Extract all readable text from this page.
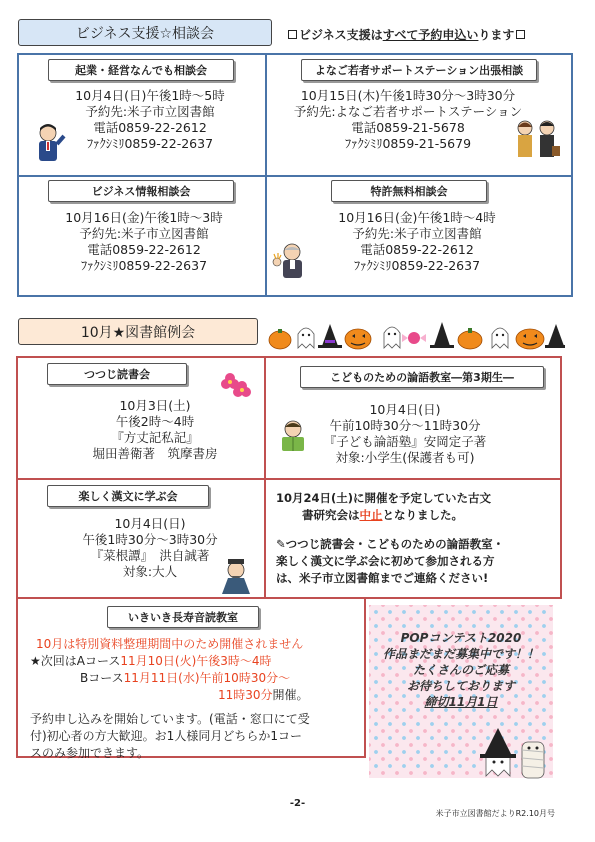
ビジネス支援☆相談会	ビジネス支援はすべて予約申込いります
起業・経営なんでも相談会
10月4日(日)午後1時～5時
予約先:米子市立図書館
電話0859-22-2612
ﾌｧｸｼﾐﾘ0859-22-2637
よなご若者サポートステーション出張相談
10月15日(木)午後1時30分～3時30分
予約先:よなご若者サポートステーション
電話0859-21-5678
ﾌｧｸｼﾐﾘ0859-21-5679
ビジネス情報相談会
10月16日(金)午後1時～3時
予約先:米子市立図書館
電話0859-22-2612
ﾌｧｸｼﾐﾘ0859-22-2637
特許無料相談会
10月16日(金)午後1時～4時
予約先:米子市立図書館
電話0859-22-2612
ﾌｧｸｼﾐﾘ0859-22-2637
10月★図書館例会
つつじ読書会
10月3日(土)
午後2時～4時
『方丈記私記』
堀田善衛著　筑摩書房
こどものための論語教室―第3期生―
10月4日(日)
午前10時30分～11時30分
『子ども論語塾』安岡定子著
対象:小学生(保護者も可)
楽しく漢文に学ぶ会
10月4日(日)
午後1時30分～3時30分
『菜根譚』　洪自誠著
対象:大人
10月24日(土)に開催を予定していた古文
書研究会は中止となりました。
✎つつじ読書会・こどものための論語教室・
楽しく漢文に学ぶ会に初めて参加される方
は、米子市立図書館までご連絡ください!
いきいき長寿音読教室
10月は特別資料整理期間中のため開催されません
★次回はAコース11月10日(火)午後3時～4時
Bコース11月11日(水)午前10時30分～
11時30分開催。
予約申し込みを開始しています。(電話・窓口にて受
付)初心者の方大歓迎。お1人様同月どちらか1コー
スのみ参加できます。
POPコンテスト2020
作品まだまだ募集中です！！
たくさんのご応募
お待ちしております
締切11月1日
-2-
米子市立図書館だよりR2.10月号
